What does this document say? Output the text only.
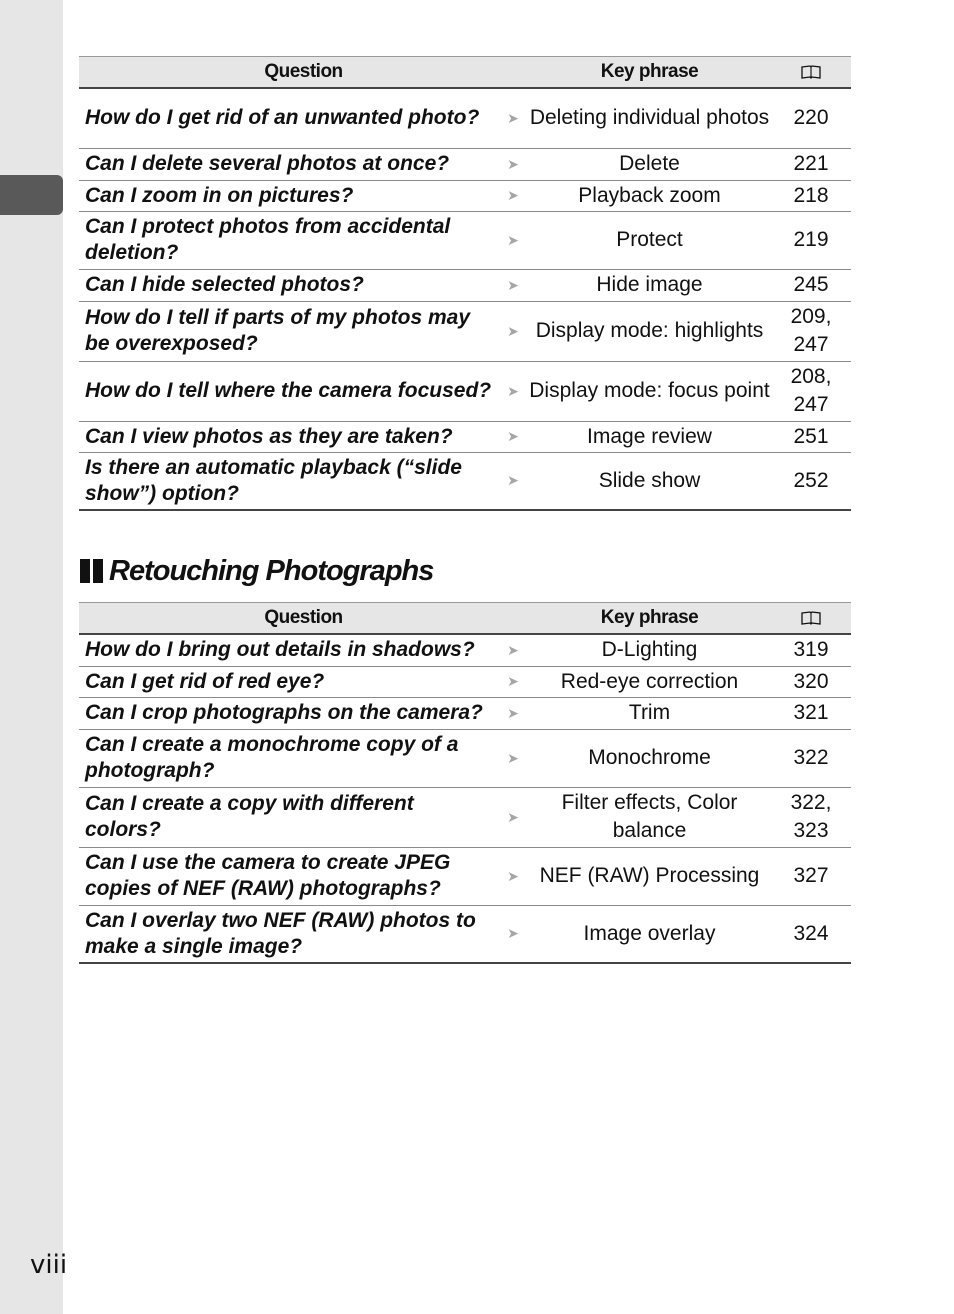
Question		Key phrase	
How do I get rid of an unwanted photo?	➤	Deleting individual photos	220
Can I delete several photos at once?	➤	Delete	221
Can I zoom in on pictures?	➤	Playback zoom	218
Can I protect photos from accidental deletion?	➤	Protect	219
Can I hide selected photos?	➤	Hide image	245
How do I tell if parts of my photos may be overexposed?	➤	Display mode: highlights	209, 247
How do I tell where the camera focused?	➤	Display mode: focus point	208, 247
Can I view photos as they are taken?	➤	Image review	251
Is there an automatic playback (“slide show”) option?	➤	Slide show	252
Retouching Photographs
Question		Key phrase	
How do I bring out details in shadows?	➤	D-Lighting	319
Can I get rid of red eye?	➤	Red-eye correction	320
Can I crop photographs on the camera?	➤	Trim	321
Can I create a monochrome copy of a photograph?	➤	Monochrome	322
Can I create a copy with different colors?	➤	Filter effects, Color balance	322, 323
Can I use the camera to create JPEG copies of NEF (RAW) photographs?	➤	NEF (RAW) Processing	327
Can I overlay two NEF (RAW) photos to make a single image?	➤	Image overlay	324
viii
